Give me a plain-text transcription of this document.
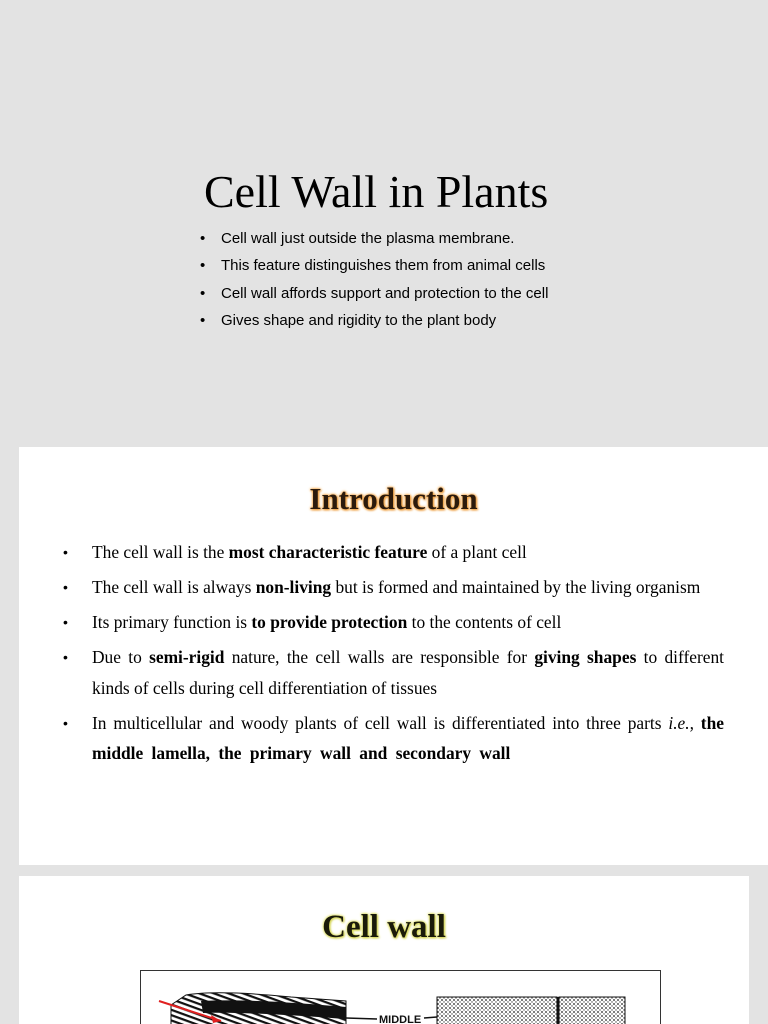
Cell Wall in Plants
• Cell wall just outside the plasma membrane.
• This feature distinguishes them from animal cells
• Cell wall affords support and protection to the cell
• Gives shape and rigidity to the plant body
Introduction
• The cell wall is the most characteristic feature of a plant cell
• The cell wall is always non-living but is formed and maintained by the living organism
• Its primary function is to provide protection to the contents of cell
• Due to semi-rigid nature, the cell walls are responsible for giving shapes to different kinds of cells during cell differentiation of tissues
• In multicellular and woody plants of cell wall is differentiated into three parts i.e., the middle lamella, the primary wall and secondary wall
Cell wall
MIDDLE
